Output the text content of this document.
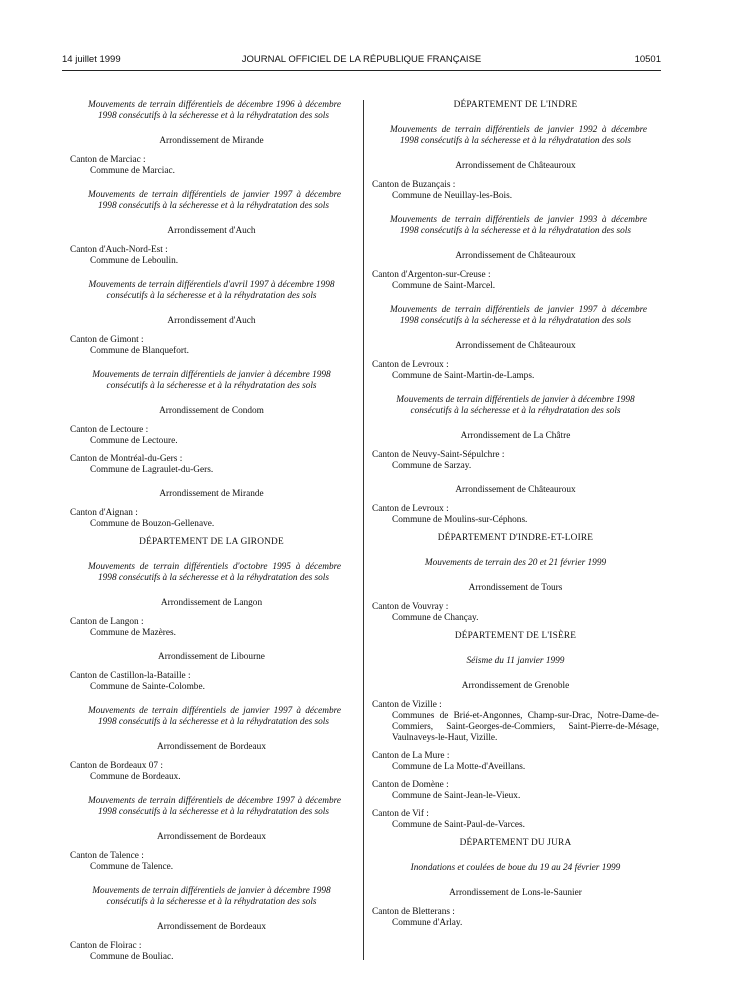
14 juillet 1999	JOURNAL OFFICIEL DE LA RÉPUBLIQUE FRANÇAISE	10501

Mouvements de terrain différentiels de décembre 1996 à décembre 1998 consécutifs à la sécheresse et à la réhydratation des sols

Arrondissement de Mirande

Canton de Marciac :

Commune de Marciac.

Mouvements de terrain différentiels de janvier 1997 à décembre 1998 consécutifs à la sécheresse et à la réhydratation des sols

Arrondissement d'Auch

Canton d'Auch-Nord-Est :

Commune de Leboulin.

Mouvements de terrain différentiels d'avril 1997 à décembre 1998 consécutifs à la sécheresse et à la réhydratation des sols

Arrondissement d'Auch

Canton de Gimont :

Commune de Blanquefort.

Mouvements de terrain différentiels de janvier à décembre 1998 consécutifs à la sécheresse et à la réhydratation des sols

Arrondissement de Condom

Canton de Lectoure :

Commune de Lectoure.

Canton de Montréal-du-Gers :

Commune de Lagraulet-du-Gers.

Arrondissement de Mirande

Canton d'Aignan :

Commune de Bouzon-Gellenave.

DÉPARTEMENT DE LA GIRONDE

Mouvements de terrain différentiels d'octobre 1995 à décembre 1998 consécutifs à la sécheresse et à la réhydratation des sols

Arrondissement de Langon

Canton de Langon :

Commune de Mazères.

Arrondissement de Libourne

Canton de Castillon-la-Bataille :

Commune de Sainte-Colombe.

Mouvements de terrain différentiels de janvier 1997 à décembre 1998 consécutifs à la sécheresse et à la réhydratation des sols

Arrondissement de Bordeaux

Canton de Bordeaux 07 :

Commune de Bordeaux.

Mouvements de terrain différentiels de décembre 1997 à décembre 1998 consécutifs à la sécheresse et à la réhydratation des sols

Arrondissement de Bordeaux

Canton de Talence :

Commune de Talence.

Mouvements de terrain différentiels de janvier à décembre 1998 consécutifs à la sécheresse et à la réhydratation des sols

Arrondissement de Bordeaux

Canton de Floirac :

Commune de Bouliac.

DÉPARTEMENT DE L'INDRE

Mouvements de terrain différentiels de janvier 1992 à décembre 1998 consécutifs à la sécheresse et à la réhydratation des sols

Arrondissement de Châteauroux

Canton de Buzançais :

Commune de Neuillay-les-Bois.

Mouvements de terrain différentiels de janvier 1993 à décembre 1998 consécutifs à la sécheresse et à la réhydratation des sols

Arrondissement de Châteauroux

Canton d'Argenton-sur-Creuse :

Commune de Saint-Marcel.

Mouvements de terrain différentiels de janvier 1997 à décembre 1998 consécutifs à la sécheresse et à la réhydratation des sols

Arrondissement de Châteauroux

Canton de Levroux :

Commune de Saint-Martin-de-Lamps.

Mouvements de terrain différentiels de janvier à décembre 1998 consécutifs à la sécheresse et à la réhydratation des sols

Arrondissement de La Châtre

Canton de Neuvy-Saint-Sépulchre :

Commune de Sarzay.

Arrondissement de Châteauroux

Canton de Levroux :

Commune de Moulins-sur-Céphons.

DÉPARTEMENT D'INDRE-ET-LOIRE

Mouvements de terrain des 20 et 21 février 1999

Arrondissement de Tours

Canton de Vouvray :

Commune de Chançay.

DÉPARTEMENT DE L'ISÈRE

Séisme du 11 janvier 1999

Arrondissement de Grenoble

Canton de Vizille :

Communes de Brié-et-Angonnes, Champ-sur-Drac, Notre-Dame-de-Commiers, Saint-Georges-de-Commiers, Saint-Pierre-de-Mésage, Vaulnaveys-le-Haut, Vizille.

Canton de La Mure :

Commune de La Motte-d'Aveillans.

Canton de Domène :

Commune de Saint-Jean-le-Vieux.

Canton de Vif :

Commune de Saint-Paul-de-Varces.

DÉPARTEMENT DU JURA

Inondations et coulées de boue du 19 au 24 février 1999

Arrondissement de Lons-le-Saunier

Canton de Bletterans :

Commune d'Arlay.
